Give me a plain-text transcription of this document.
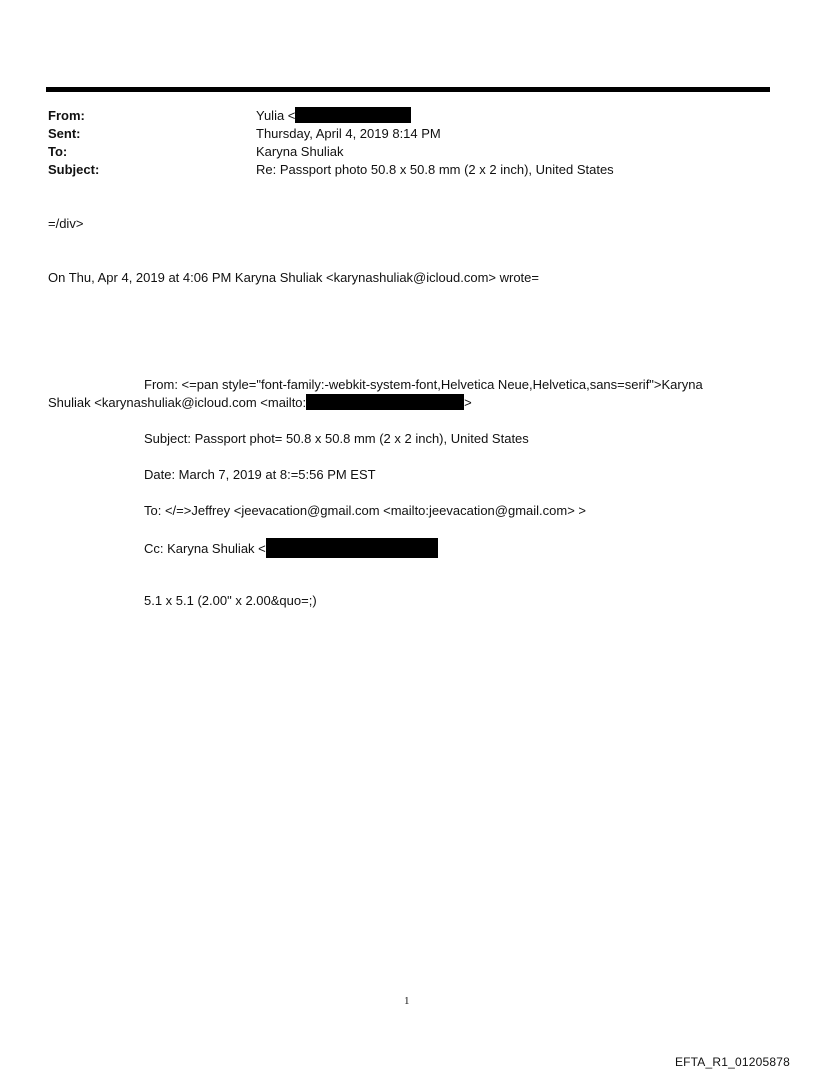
From:	Yulia <
Sent:	Thursday, April 4, 2019 8:14 PM
To:	Karyna Shuliak
Subject:	Re: Passport photo 50.8 x 50.8 mm (2 x 2 inch), United States
=/div>
On Thu, Apr 4, 2019 at 4:06 PM Karyna Shuliak <karynashuliak@icloud.com> wrote=
From: <=pan style="font-family:-webkit-system-font,Helvetica Neue,Helvetica,sans=serif">Karyna
Shuliak <karynashuliak@icloud.com <mailto:	>
Subject: Passport phot= 50.8 x 50.8 mm (2 x 2 inch), United States
Date: March 7, 2019 at 8:=5:56 PM EST
To: </=>Jeffrey <jeevacation@gmail.com <mailto:jeevacation@gmail.com> >
Cc: Karyna Shuliak <
5.1 x 5.1 (2.00" x 2.00&quo=;)
1
EFTA_R1_01205878
